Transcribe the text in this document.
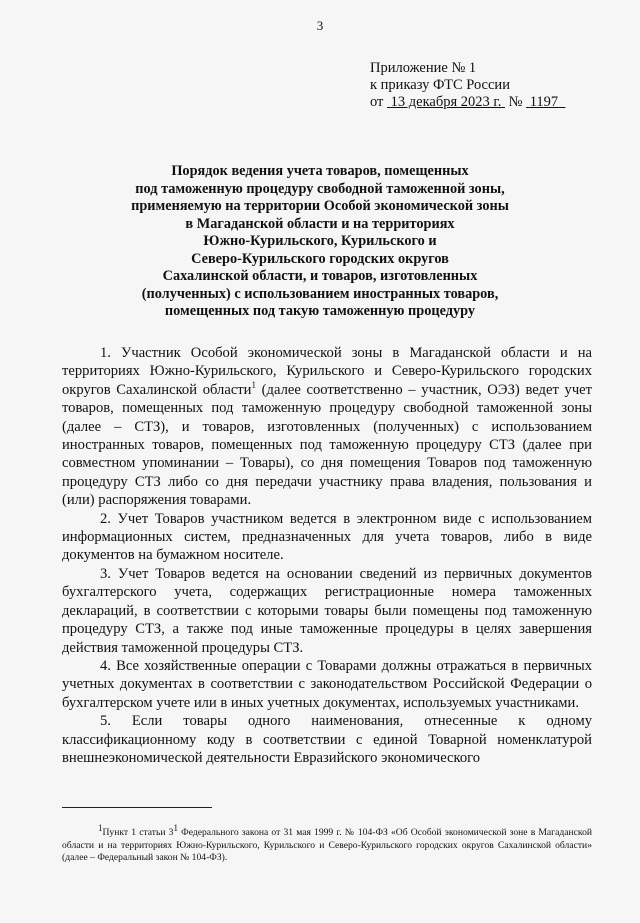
3
Приложение № 1
к приказу ФТС России
от 13 декабря 2023 г. № 1197
Порядок ведения учета товаров, помещенных
под таможенную процедуру свободной таможенной зоны,
применяемую на территории Особой экономической зоны
в Магаданской области и на территориях
Южно-Курильского, Курильского и
Северо-Курильского городских округов
Сахалинской области, и товаров, изготовленных
(полученных) с использованием иностранных товаров,
помещенных под такую таможенную процедуру

1. Участник Особой экономической зоны в Магаданской области и на территориях Южно-Курильского, Курильского и Северо-Курильского городских округов Сахалинской области$^1$ (далее соответственно – участник, ОЭЗ) ведет учет товаров, помещенных под таможенную процедуру свободной таможенной зоны (далее – СТЗ), и товаров, изготовленных (полученных) с использованием иностранных товаров, помещенных под таможенную процедуру СТЗ (далее при совместном упоминании – Товары), со дня помещения Товаров под таможенную процедуру СТЗ либо со дня передачи участнику права владения, пользования и (или) распоряжения товарами.

2. Учет Товаров участником ведется в электронном виде с использованием информационных систем, предназначенных для учета товаров, либо в виде документов на бумажном носителе.

3. Учет Товаров ведется на основании сведений из первичных документов бухгалтерского учета, содержащих регистрационные номера таможенных деклараций, в соответствии с которыми товары были помещены под таможенную процедуру СТЗ, а также под иные таможенные процедуры в целях завершения действия таможенной процедуры СТЗ.

4. Все хозяйственные операции с Товарами должны отражаться в первичных учетных документах в соответствии с законодательством Российской Федерации о бухгалтерском учете или в иных учетных документах, используемых участниками.

5. Если товары одного наименования, отнесенные к одному классификационному коду в соответствии с единой Товарной номенклатурой внешнеэкономической деятельности Евразийского экономического

$^1$Пункт 1 статьи $3^1$ Федерального закона от 31 мая 1999 г. № 104-ФЗ «Об Особой экономической зоне в Магаданской области и на территориях Южно-Курильского, Курильского и Северо-Курильского городских округов Сахалинской области» (далее – Федеральный закон № 104-ФЗ).
